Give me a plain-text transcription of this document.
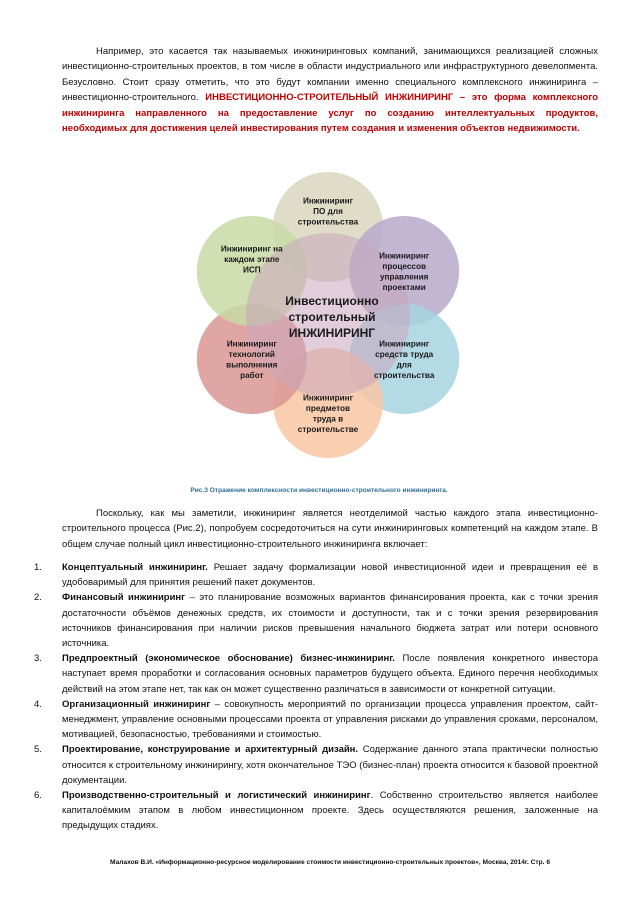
Например, это касается так называемых инжиниринговых компаний, занимающихся реализацией сложных инвестиционно-строительных проектов, в том числе в области индустриального или инфраструктурного девелопмента. Безусловно. Стоит сразу отметить, что это будут компании именно специального комплексного инжиниринга – инвестиционно-строительного. ИНВЕСТИЦИОННО-СТРОИТЕЛЬНЫЙ ИНЖИНИРИНГ – это форма комплексного инжиниринга направленного на предоставление услуг по созданию интеллектуальных продуктов, необходимых для достижения целей инвестирования путем создания и изменения объектов недвижимости.

Инвестиционно строительный ИНЖИНИРИНГ
Инжиниринг ПО для строительства
Инжиниринг процессов управления проектами
Инжиниринг средств труда для строительства
Инжиниринг предметов труда в строительстве
Инжиниринг технологий выполнения работ
Инжиниринг на каждом этапе ИСП

Рис.3 Отражение комплексности инвестиционно-строительного инжиниринга.

Поскольку, как мы заметили, инжиниринг является неотделимой частью каждого этапа инвестиционно-строительного процесса (Рис.2), попробуем сосредоточиться на сути инжиниринговых компетенций на каждом этапе. В общем случае полный цикл инвестиционно-строительного инжиниринга включает:

1. Концептуальный инжиниринг. Решает задачу формализации новой инвестиционной идеи и превращения её в удобоваримый для принятия решений пакет документов.
2. Финансовый инжиниринг – это планирование возможных вариантов финансирования проекта, как с точки зрения достаточности объёмов денежных средств, их стоимости и доступности, так и с точки зрения резервирования источников финансирования при наличии рисков превышения начального бюджета затрат или потери основного источника.
3. Предпроектный (экономическое обоснование) бизнес-инжиниринг. После появления конкретного инвестора наступает время проработки и согласования основных параметров будущего объекта. Единого перечня необходимых действий на этом этапе нет, так как он может существенно различаться в зависимости от конкретной ситуации.
4. Организационный инжиниринг – совокупность мероприятий по организации процесса управления проектом, сайт-менеджмент, управление основными процессами проекта от управления рисками до управления сроками, персоналом, мотивацией, безопасностью, требованиями и стоимостью.
5. Проектирование, конструирование и архитектурный дизайн. Содержание данного этапа практически полностью относится к строительному инжинирингу, хотя окончательное ТЭО (бизнес-план) проекта относится к базовой проектной документации.
6. Производственно-строительный и логистический инжиниринг. Собственно строительство является наиболее капиталоёмким этапом в любом инвестиционном проекте. Здесь осуществляются решения, заложенные на предыдущих стадиях.
Малахов В.И. «Информационно-ресурсное моделирование стоимости инвестиционно-строительных проектов», Москва, 2014г. Стр. 6
